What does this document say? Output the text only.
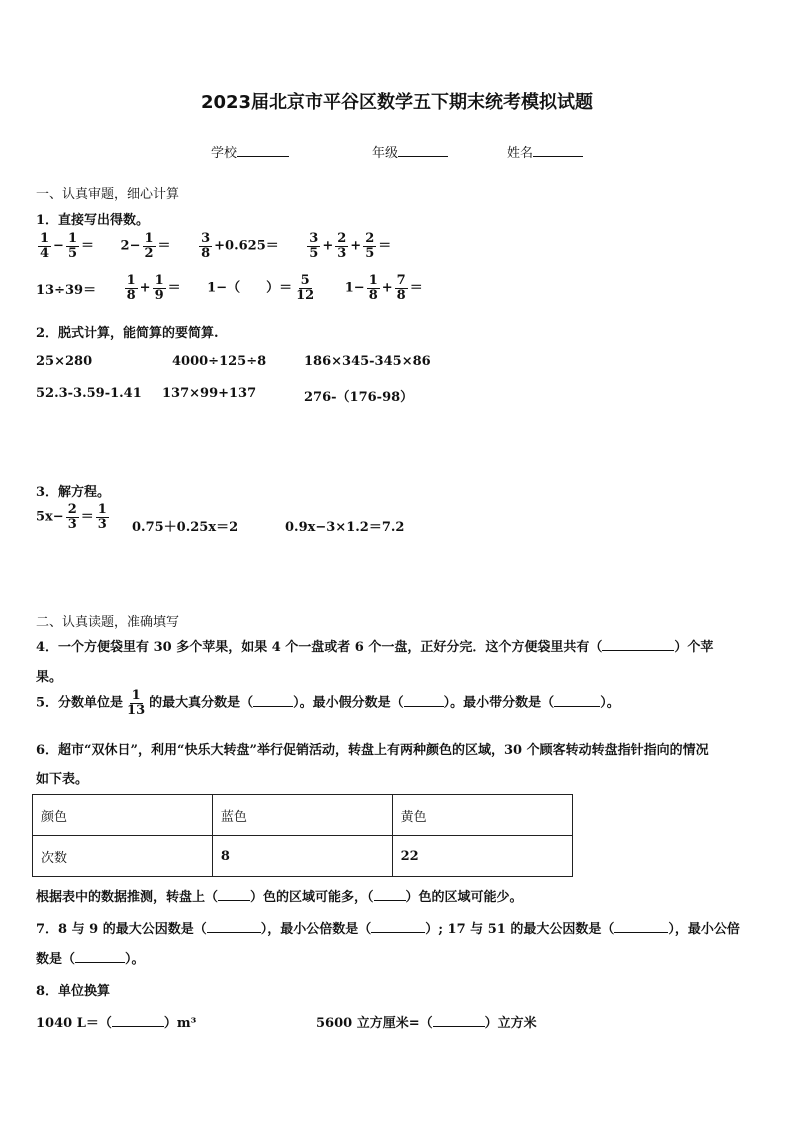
2023届北京市平谷区数学五下期末统考模拟试题
学校	年级	姓名
一、认真审题，细心计算
1．直接写出得数。
$\frac{1}{4} - \frac{1}{5} = 2- \frac{1}{2} = \frac{3}{8} +0.625= \frac{3}{5} + \frac{2}{3} + \frac{2}{5}$ ＝
$13\div 39= \frac{1}{8} + \frac{1}{9} = 1-$（　　）＝ $\frac{5}{12} 1- \frac{1}{8} + \frac{7}{8}$ ＝
2．脱式计算，能简算的要简算.
25×280	4000÷125÷8	186×345-345×86
52.3-3.59-1.41 137×99+137	276-（176-98）
3．解方程。
$5x- \frac{2}{3} = \frac{1}{3} 0.75+0.25x=2$	0.9x−3×1.2＝7.2
二、认真读题，准确填写
4．一个方便袋里有 30 多个苹果，如果 4 个一盘或者 6 个一盘，正好分完．这个方便袋里共有（	）个苹
果。
5．分数单位是 $\frac{1}{13}$ 的最大真分数是（	）。最小假分数是（	）。最小带分数是（	）。
6．超市“双休日”，利用“快乐大转盘”举行促销活动，转盘上有两种颜色的区域，30 个顾客转动转盘指针指向的情况
如下表。
颜色	蓝色	黄色
次数	8	22
根据表中的数据推测，转盘上（ ）色的区域可能多，（ ）色的区域可能少。
7．8 与 9 的最大公因数是（	），最小公倍数是（	）; 17 与 51 的最大公因数是（	），最小公倍
数是（	）。
8．单位换算
1040 L＝（	）m³	5600 立方厘米=（	）立方米
